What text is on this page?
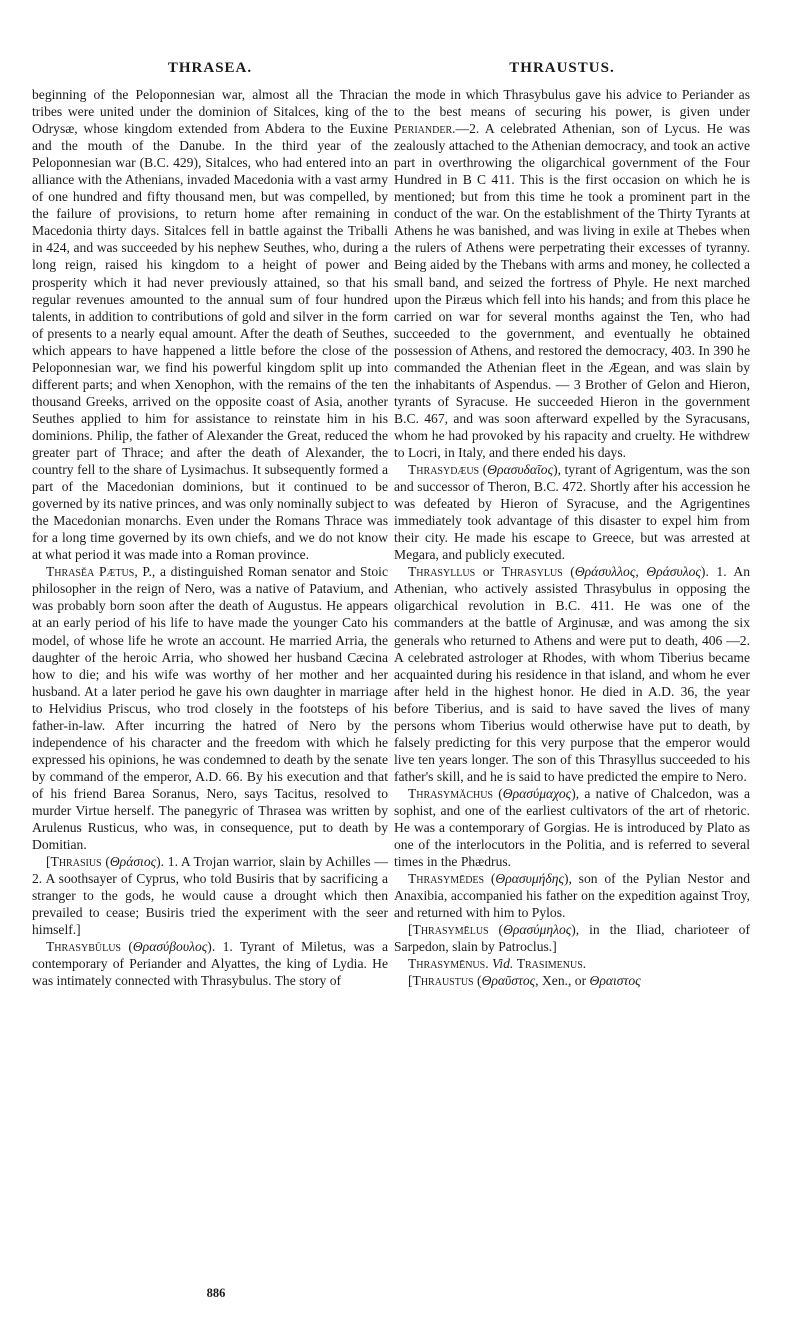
THRASEA.	THRAUSTUS.

beginning of the Peloponnesian war, almost all the Thracian tribes were united under the dominion of Sitalces, king of the Odrysæ, whose kingdom extended from Abdera to the Euxine and the mouth of the Danube. In the third year of the Peloponnesian war (B.C. 429), Sitalces, who had entered into an alliance with the Athenians, invaded Macedonia with a vast army of one hundred and fifty thousand men, but was compelled, by the failure of provisions, to return home after remaining in Macedonia thirty days. Sitalces fell in battle against the Triballi in 424, and was succeeded by his nephew Seuthes, who, during a long reign, raised his kingdom to a height of power and prosperity which it had never previously attained, so that his regular revenues amounted to the annual sum of four hundred talents, in addition to contributions of gold and silver in the form of presents to a nearly equal amount. After the death of Seuthes, which appears to have happened a little before the close of the Peloponnesian war, we find his powerful kingdom split up into different parts; and when Xenophon, with the remains of the ten thousand Greeks, arrived on the opposite coast of Asia, another Seuthes applied to him for assistance to reinstate him in his dominions. Philip, the father of Alexander the Great, reduced the greater part of Thrace; and after the death of Alexander, the country fell to the share of Lysimachus. It subsequently formed a part of the Macedonian dominions, but it continued to be governed by its native princes, and was only nominally subject to the Macedonian monarchs. Even under the Romans Thrace was for a long time governed by its own chiefs, and we do not know at what period it was made into a Roman province.

Thrasĕa Pætus, P., a distinguished Roman senator and Stoic philosopher in the reign of Nero, was a native of Patavium, and was probably born soon after the death of Augustus. He appears at an early period of his life to have made the younger Cato his model, of whose life he wrote an account. He married Arria, the daughter of the heroic Arria, who showed her husband Cæcina how to die; and his wife was worthy of her mother and her husband. At a later period he gave his own daughter in marriage to Helvidius Priscus, who trod closely in the footsteps of his father-in-law. After incurring the hatred of Nero by the independence of his character and the freedom with which he expressed his opinions, he was condemned to death by the senate by command of the emperor, A.D. 66. By his execution and that of his friend Barea Soranus, Nero, says Tacitus, resolved to murder Virtue herself. The panegyric of Thrasea was written by Arulenus Rusticus, who was, in consequence, put to death by Domitian.

[Thrasius (Θράσιος). 1. A Trojan warrior, slain by Achilles —2. A soothsayer of Cyprus, who told Busiris that by sacrificing a stranger to the gods, he would cause a drought which then prevailed to cease; Busiris tried the experiment with the seer himself.]

Thrasybūlus (Θρασύβουλος). 1. Tyrant of Miletus, was a contemporary of Periander and Alyattes, the king of Lydia. He was intimately connected with Thrasybulus. The story of

the mode in which Thrasybulus gave his advice to Periander as to the best means of securing his power, is given under Periander.—2. A celebrated Athenian, son of Lycus. He was zealously attached to the Athenian democracy, and took an active part in overthrowing the oligarchical government of the Four Hundred in B C 411. This is the first occasion on which he is mentioned; but from this time he took a prominent part in the conduct of the war. On the establishment of the Thirty Tyrants at Athens he was banished, and was living in exile at Thebes when the rulers of Athens were perpetrating their excesses of tyranny. Being aided by the Thebans with arms and money, he collected a small band, and seized the fortress of Phyle. He next marched upon the Piræus which fell into his hands; and from this place he carried on war for several months against the Ten, who had succeeded to the government, and eventually he obtained possession of Athens, and restored the democracy, 403. In 390 he commanded the Athenian fleet in the Ægean, and was slain by the inhabitants of Aspendus. — 3 Brother of Gelon and Hieron, tyrants of Syracuse. He succeeded Hieron in the government B.C. 467, and was soon afterward expelled by the Syracusans, whom he had provoked by his rapacity and cruelty. He withdrew to Locri, in Italy, and there ended his days.

Thrasydæus (Θρασυδαῖος), tyrant of Agrigentum, was the son and successor of Theron, B.C. 472. Shortly after his accession he was defeated by Hieron of Syracuse, and the Agrigentines immediately took advantage of this disaster to expel him from their city. He made his escape to Greece, but was arrested at Megara, and publicly executed.

Thrasyllus or Thrasylus (Θράσυλλος, Θράσυλος). 1. An Athenian, who actively assisted Thrasybulus in opposing the oligarchical revolution in B.C. 411. He was one of the commanders at the battle of Arginusæ, and was among the six generals who returned to Athens and were put to death, 406 —2. A celebrated astrologer at Rhodes, with whom Tiberius became acquainted during his residence in that island, and whom he ever after held in the highest honor. He died in A.D. 36, the year before Tiberius, and is said to have saved the lives of many persons whom Tiberius would otherwise have put to death, by falsely predicting for this very purpose that the emperor would live ten years longer. The son of this Thrasyllus succeeded to his father's skill, and he is said to have predicted the empire to Nero.

Thrasymăchus (Θρασύμαχος), a native of Chalcedon, was a sophist, and one of the earliest cultivators of the art of rhetoric. He was a contemporary of Gorgias. He is introduced by Plato as one of the interlocutors in the Politia, and is referred to several times in the Phædrus.

Thrasymēdes (Θρασυμήδης), son of the Pylian Nestor and Anaxibia, accompanied his father on the expedition against Troy, and returned with him to Pylos.

[Thrasymēlus (Θρασύμηλος), in the Iliad, charioteer of Sarpedon, slain by Patroclus.]

Thrasymēnus. Vid. Trasimenus.

[Thraustus (Θραῦστος, Xen., or Θραιστος

886
